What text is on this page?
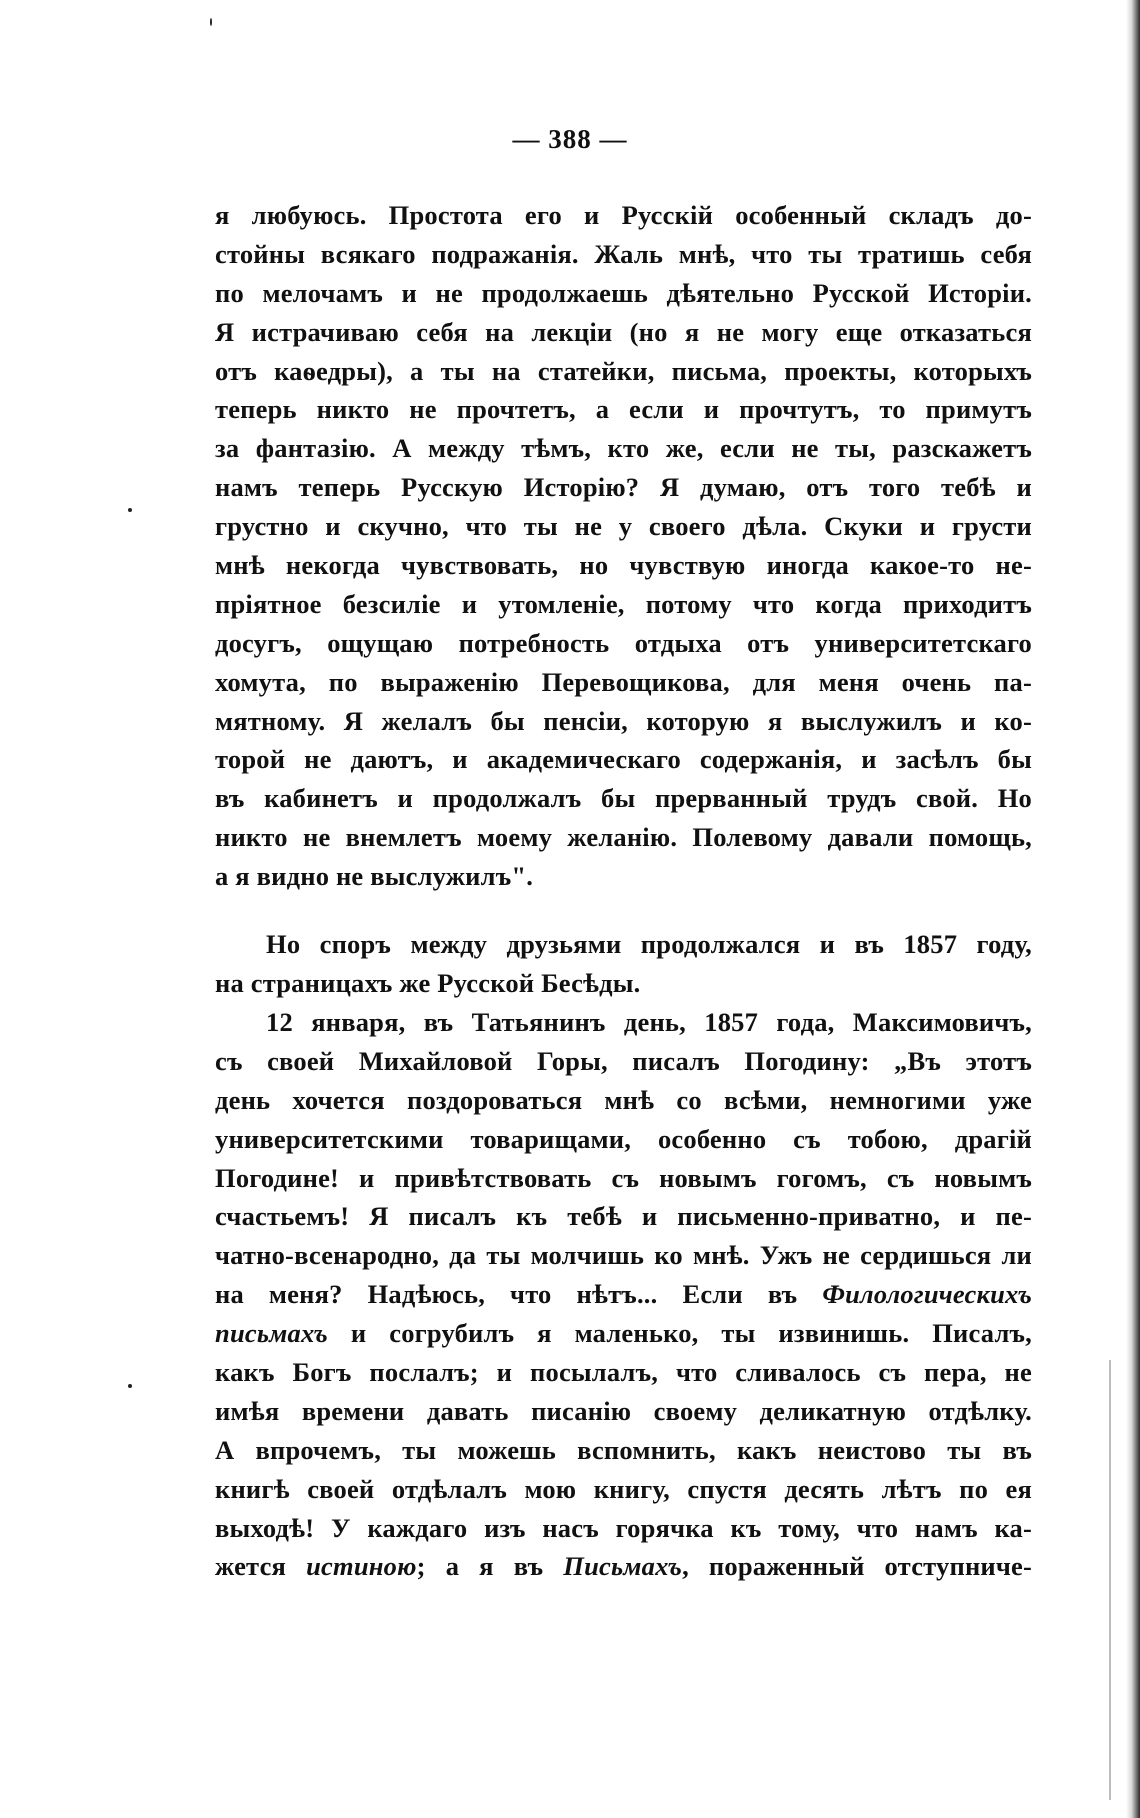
— 388 —
я любуюсь. Простота его и Русскій особенный складъ до-
стойны всякаго подражанія. Жаль мнѣ, что ты тратишь себя
по мелочамъ и не продолжаешь дѣятельно Русской Исторіи.
Я истрачиваю себя на лекціи (но я не могу еще отказаться
отъ каѳедры), а ты на статейки, письма, проекты, которыхъ
теперь никто не прочтетъ, а если и прочтутъ, то примутъ
за фантазію. А между тѣмъ, кто же, если не ты, разскажетъ
намъ теперь Русскую Исторію? Я думаю, отъ того тебѣ и
грустно и скучно, что ты не у своего дѣла. Скуки и грусти
мнѣ некогда чувствовать, но чувствую иногда какое-то не-
пріятное безсиліе и утомленіе, потому что когда приходитъ
досугъ, ощущаю потребность отдыха отъ университетскаго
хомута, по выраженію Перевощикова, для меня очень па-
мятному. Я желалъ бы пенсіи, которую я выслужилъ и ко-
торой не даютъ, и академическаго содержанія, и засѣлъ бы
въ кабинетъ и продолжалъ бы прерванный трудъ свой. Но
никто не внемлетъ моему желанію. Полевому давали помощь,
а я видно не выслужилъ".
Но споръ между друзьями продолжался и въ 1857 году,
на страницахъ же Русской Бесѣды.
12 января, въ Татьянинъ день, 1857 года, Максимовичъ,
съ своей Михайловой Горы, писалъ Погодину: „Въ этотъ
день хочется поздороваться мнѣ со всѣми, немногими уже
университетскими товарищами, особенно съ тобою, драгій
Погодине! и привѣтствовать съ новымъ гогомъ, съ новымъ
счастьемъ! Я писалъ къ тебѣ и письменно-приватно, и пе-
чатно-всенародно, да ты молчишь ко мнѣ. Ужъ не сердишься ли
на меня? Надѣюсь, что нѣтъ... Если въ Филологическихъ
письмахъ и согрубилъ я маленько, ты извинишь. Писалъ,
какъ Богъ послалъ; и посылалъ, что сливалось съ пера, не
имѣя времени давать писанію своему деликатную отдѣлку.
А впрочемъ, ты можешь вспомнить, какъ неистово ты въ
книгѣ своей отдѣлалъ мою книгу, спустя десять лѣтъ по ея
выходѣ! У каждаго изъ насъ горячка къ тому, что намъ ка-
жется истиною; а я въ Письмахъ, пораженный отступниче-
